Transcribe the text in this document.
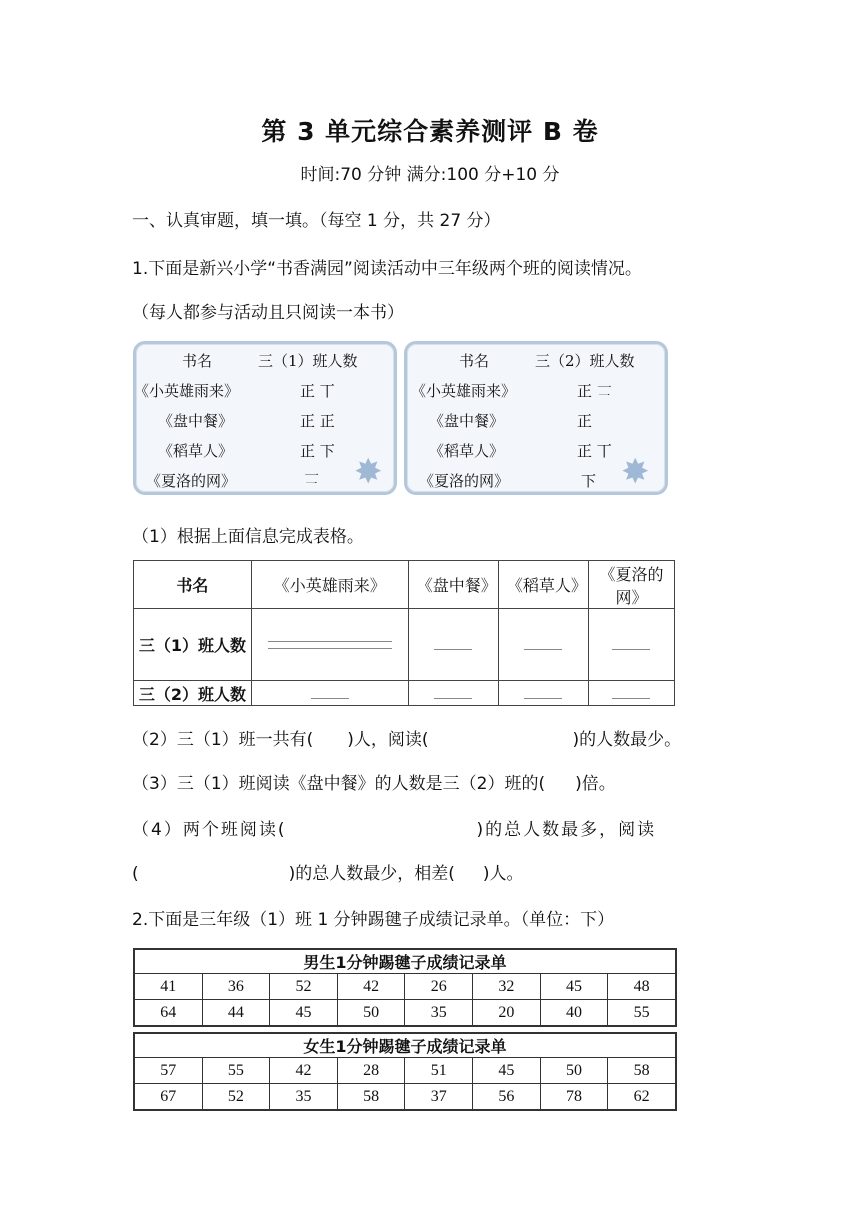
第 3 单元综合素养测评 B 卷
时间:70 分钟 满分:100 分+10 分
一、认真审题，填一填。（每空 1 分，共 27 分）
1.下面是新兴小学“书香满园”阅读活动中三年级两个班的阅读情况。
（每人都参与活动且只阅读一本书）
书名	三（1）班人数
《小英雄雨来》	正 丅
《盘中餐》	正 正
《稻草人》	正 下
《夏洛的网》	𠄟 ✸
书名	三（2）班人数
《小英雄雨来》	正 𠄟
《盘中餐》	正
《稻草人》	正 丅
《夏洛的网》	下 ✸
（1）根据上面信息完成表格。
书名	《小英雄雨来》	《盘中餐》	《稻草人》	《夏洛的网》
三（1）班人数	

三（2）班人数				
（2）三（1）班一共有( )人，阅读(	)的人数最少。
（3）三（1）班阅读《盘中餐》的人数是三（2）班的( )倍。
（4）两个班阅读(	)的总人数最多，阅读
(	)的总人数最少，相差( )人。
2.下面是三年级（1）班 1 分钟踢毽子成绩记录单。（单位：下）
男生1分钟踢毽子成绩记录单							
41	36	52	42	26	32	45	48
64	44	45	50	35	20	40	55
女生1分钟踢毽子成绩记录单							
57	55	42	28	51	45	50	58
67	52	35	58	37	56	78	62
